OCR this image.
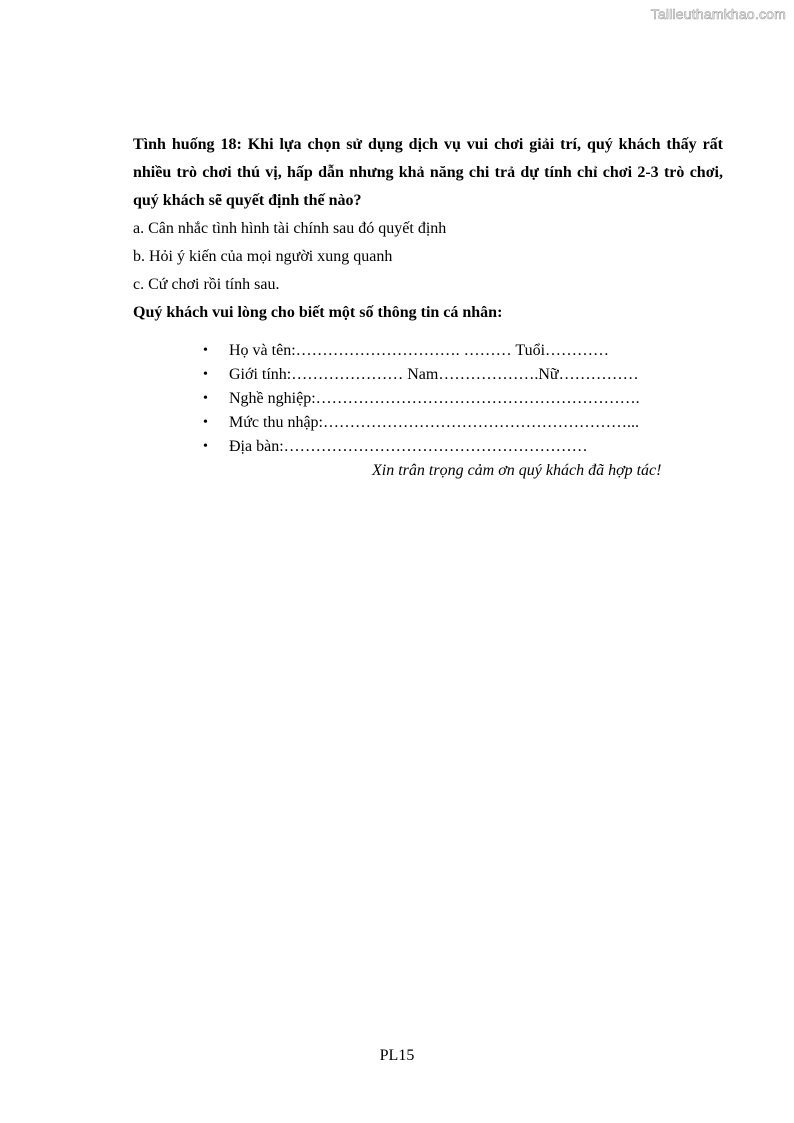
Tailieuthamkhao.com

Tình huống 18: Khi lựa chọn sử dụng dịch vụ vui chơi giải trí, quý khách thấy rất nhiều trò chơi thú vị, hấp dẫn nhưng khả năng chi trả dự tính chỉ chơi 2-3 trò chơi, quý khách sẽ quyết định thế nào?

a. Cân nhắc tình hình tài chính sau đó quyết định

b. Hỏi ý kiến của mọi người xung quanh

c. Cứ chơi rồi tính sau.

Quý khách vui lòng cho biết một số thông tin cá nhân:

• Họ và tên:…………………………. ……… Tuổi…………
• Giới tính:………………… Nam……………….Nữ……………
• Nghề nghiệp:…………………………………………………….
• Mức thu nhập:…………………………………………………...
• Địa bàn:…………………………………………………

Xin trân trọng cảm ơn quý khách đã hợp tác!

PL15
